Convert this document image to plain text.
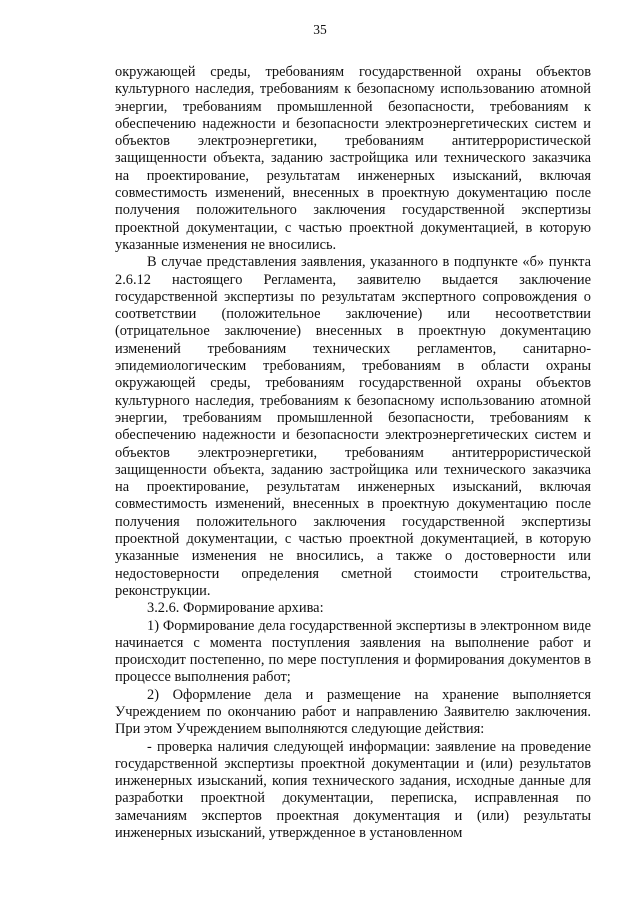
35

окружающей среды, требованиям государственной охраны объектов культурного наследия, требованиям к безопасному использованию атомной энергии, требованиям промышленной безопасности, требованиям к обеспечению надежности и безопасности электроэнергетических систем и объектов электроэнергетики, требованиям антитеррористической защищенности объекта, заданию застройщика или технического заказчика на проектирование, результатам инженерных изысканий, включая совместимость изменений, внесенных в проектную документацию после получения положительного заключения государственной экспертизы проектной документации, с частью проектной документацией, в которую указанные изменения не вносились.

В случае представления заявления, указанного в подпункте «б» пункта 2.6.12 настоящего Регламента, заявителю выдается заключение государственной экспертизы по результатам экспертного сопровождения о соответствии (положительное заключение) или несоответствии (отрицательное заключение) внесенных в проектную документацию изменений требованиям технических регламентов, санитарно-эпидемиологическим требованиям, требованиям в области охраны окружающей среды, требованиям государственной охраны объектов культурного наследия, требованиям к безопасному использованию атомной энергии, требованиям промышленной безопасности, требованиям к обеспечению надежности и безопасности электроэнергетических систем и объектов электроэнергетики, требованиям антитеррористической защищенности объекта, заданию застройщика или технического заказчика на проектирование, результатам инженерных изысканий, включая совместимость изменений, внесенных в проектную документацию после получения положительного заключения государственной экспертизы проектной документации, с частью проектной документацией, в которую указанные изменения не вносились, а также о достоверности или недостоверности определения сметной стоимости строительства, реконструкции.

3.2.6. Формирование архива:

1) Формирование дела государственной экспертизы в электронном виде начинается с момента поступления заявления на выполнение работ и происходит постепенно, по мере поступления и формирования документов в процессе выполнения работ;

2) Оформление дела и размещение на хранение выполняется Учреждением по окончанию работ и направлению Заявителю заключения. При этом Учреждением выполняются следующие действия:

- проверка наличия следующей информации: заявление на проведение государственной экспертизы проектной документации и (или) результатов инженерных изысканий, копия технического задания, исходные данные для разработки проектной документации, переписка, исправленная по замечаниям экспертов проектная документация и (или) результаты инженерных изысканий, утвержденное в установленном
